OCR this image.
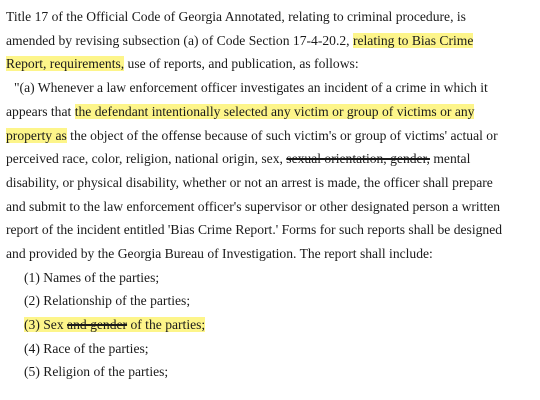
Title 17 of the Official Code of Georgia Annotated, relating to criminal procedure, is
amended by revising subsection (a) of Code Section 17-4-20.2, relating to Bias Crime
Report, requirements, use of reports, and publication, as follows:
"(a) Whenever a law enforcement officer investigates an incident of a crime in which it
appears that the defendant intentionally selected any victim or group of victims or any
property as the object of the offense because of such victim's or group of victims' actual or
perceived race, color, religion, national origin, sex, sexual orientation, gender, mental
disability, or physical disability, whether or not an arrest is made, the officer shall prepare
and submit to the law enforcement officer's supervisor or other designated person a written
report of the incident entitled 'Bias Crime Report.' Forms for such reports shall be designed
and provided by the Georgia Bureau of Investigation. The report shall include:
(1) Names of the parties;
(2) Relationship of the parties;
(3) Sex and gender of the parties;
(4) Race of the parties;
(5) Religion of the parties;
